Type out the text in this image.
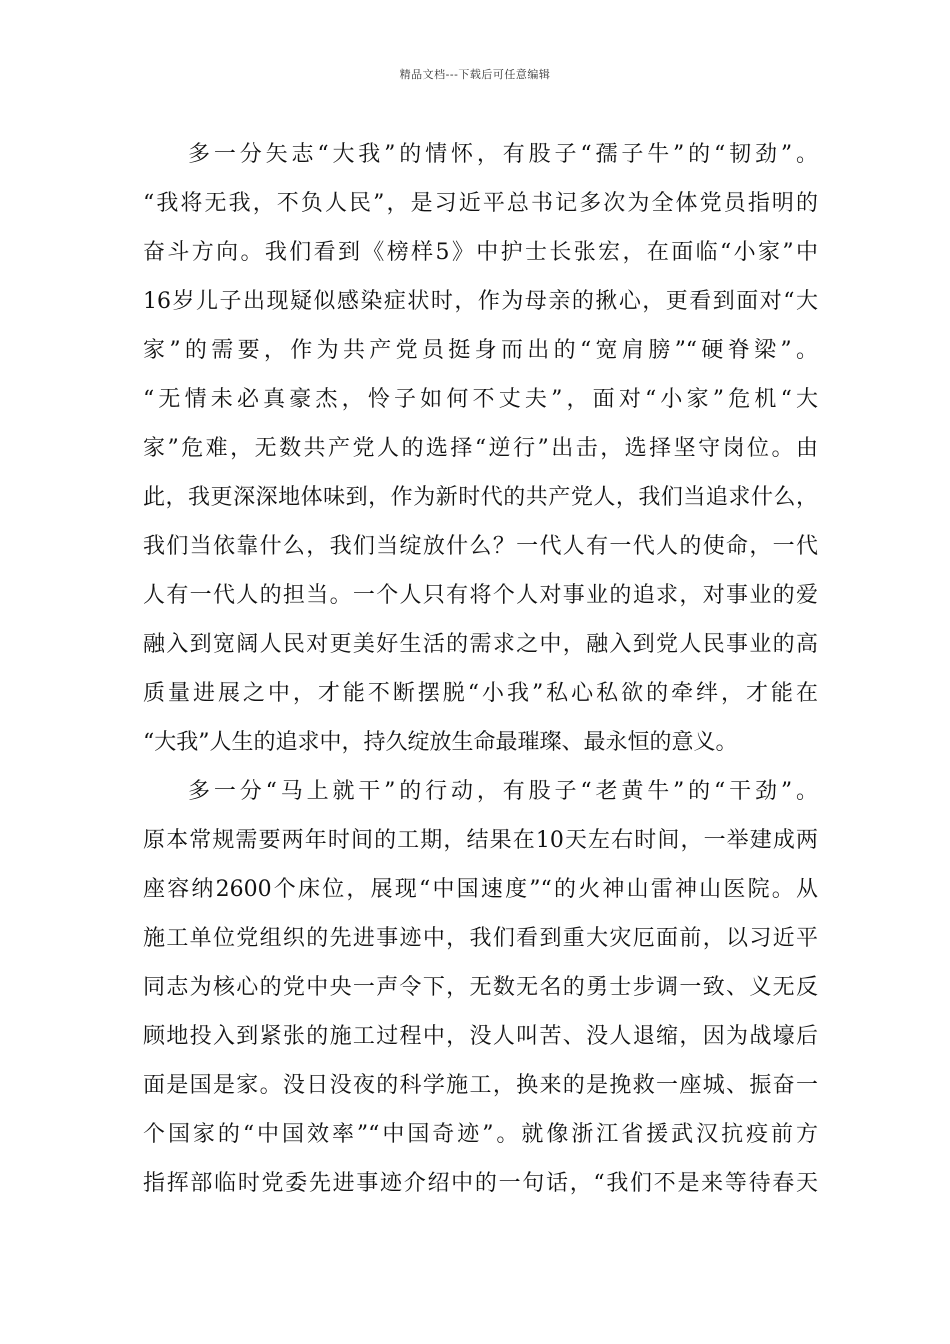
精品文档---下载后可任意编辑
多一分矢志“大我”的情怀，有股子“孺子牛”的“韧劲”。
“我将无我，不负人民”，是习近平总书记多次为全体党员指明的
奋斗方向。我们看到《榜样5》中护士长张宏，在面临“小家”中
16岁儿子出现疑似感染症状时，作为母亲的揪心，更看到面对“大
家”的需要，作为共产党员挺身而出的“宽肩膀”“硬脊梁”。
“无情未必真豪杰，怜子如何不丈夫”，面对“小家”危机“大
家”危难，无数共产党人的选择“逆行”出击，选择坚守岗位。由
此，我更深深地体味到，作为新时代的共产党人，我们当追求什么，
我们当依靠什么，我们当绽放什么？一代人有一代人的使命，一代
人有一代人的担当。一个人只有将个人对事业的追求，对事业的爱
融入到宽阔人民对更美好生活的需求之中，融入到党人民事业的高
质量进展之中，才能不断摆脱“小我”私心私欲的牵绊，才能在
“大我”人生的追求中，持久绽放生命最璀璨、最永恒的意义。
多一分“马上就干”的行动，有股子“老黄牛”的“干劲”。
原本常规需要两年时间的工期，结果在10天左右时间，一举建成两
座容纳2600个床位，展现“中国速度”“的火神山雷神山医院。从
施工单位党组织的先进事迹中，我们看到重大灾厄面前，以习近平
同志为核心的党中央一声令下，无数无名的勇士步调一致、义无反
顾地投入到紧张的施工过程中，没人叫苦、没人退缩，因为战壕后
面是国是家。没日没夜的科学施工，换来的是挽救一座城、振奋一
个国家的“中国效率”“中国奇迹”。就像浙江省援武汉抗疫前方
指挥部临时党委先进事迹介绍中的一句话，“我们不是来等待春天
